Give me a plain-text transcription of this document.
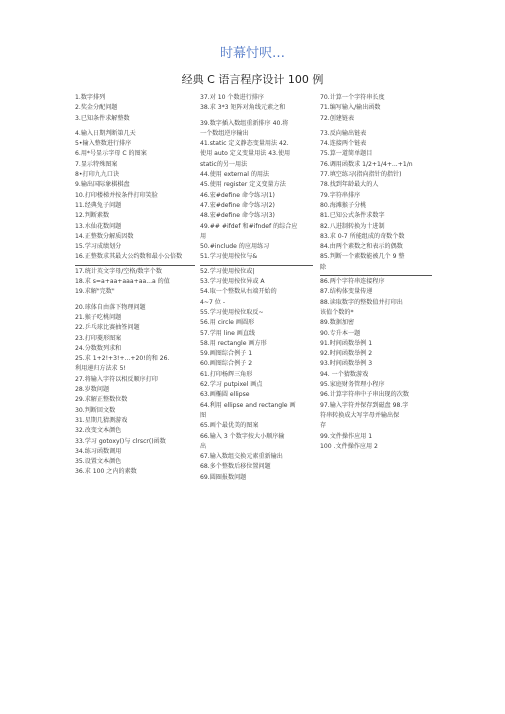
时幕忖呎…
经典 C 语言程序设计 100 例
1.数字排列
2.奖金分配问题
3.已知条件求解整数
4.输入日期判断第几天
5•输入整数进行排序
6.用*号显示字母 C 的图案
7.显示特殊图案
8•打印九九口诀
9.输出国际象棋棋盘
10.打印楼梯并按条件打印笑脸
11.经典兔子问题
12.判断素数
13.水仙花数问题
14.正整数分解质因数
15.学习成绩划分
16.正整数求其最大公约数和最小公倍数
17.统计英文字母/空格/数字个数
18.求 s=a+aa+aaa+aa...a 的值
19.求解"完数"
20.球体自由落下物理问题
21.猴子吃桃问题
22.乒乓球比赛抽签问题
23.打印菱形图案
24.分数数列求和
25.求 1+2!+3!+...+20!的和 26.
利用递归方法求 5!
27.将输入字符以相反顺序打印
28.岁数问题
29.求解正整数位数
30.判断回文数
31.星期几猜测游戏
32.改变文本颜色
33.学习 gotoxy()与 clrscr()函数
34.练习函数调用
35.设置文本颜色
36.求 100 之内的素数
37.对 10 个数进行排序
38.求 3*3 矩阵对角线元素之和
39.数字插入数组重新排序 40.将
一个数组逆序输出
41.static 定义静态变量用法 42.
使用 auto 定义变量用法 43.使用
static的另一用法
44.使用 external 的用法
45.使用 register 定义变量方法
46.宏#define 命令练习(1)
47.宏#define 命令练习(2)
48.宏#define 命令练习(3)
49.## #ifdef 和#ifndef 的综合应
用
50.#include 的应用练习
51.学习使用按位与&
52.学习使用按位或|
53.学习使用按位异或 A
54.取一个整数从右端开始的
4~7 位 -
55.学习使用按位取反~
56.用 circle 画圆形
57.学用 line 画直线
58.用 rectangle 画方形
59.画图综合例子 1
60.画图综合例子 2
61.打印杨辉三角形
62.学习 putpixel 画点
63.画椭圆 ellipse
64.利用 ellipse and rectangle 画
图
65.画个最优美的图案
66.输入 3 个数字按大小顺序输
出
67.输入数组交换元素重新输出
68.多个整数后移位置问题
69.圆圈报数问题
70.计算一个字符串长度
71.编写输入/输出函数
72.创建链表
73.反向输出链表
74.连接两个链表
75.算一道简单题目
76.调用函数求 1/2+1/4+...+1/n
77.填空练习(指向指针的指针)
78.找到年龄最大的人
79.字符串排序
80.海滩猴子分桃
81.已知公式条件求数字
82.八进制转换为十进制
83.求 0-7 所能组成的奇数个数
84.由两个素数之和表示的偶数
85.判断一个素数能被几个 9 整
除
86.两个字符串连接程序
87.结构体变量传递
88.读取数字的整数值并打印出
该值个数的*
89.数据加密
90.专升本一题
91.时间函数举例 1
92.时间函数举例 2
93.时间函数举例 3
94. 一个猜数游戏
95.家庭财务管理小程序
96.计算字符串中子串出现的次数
97.输入字符并保存到磁盘 98.字
符串转换成大写字母并输出保
存
99.文件操作应用 1
100 .文件操作应用 2
